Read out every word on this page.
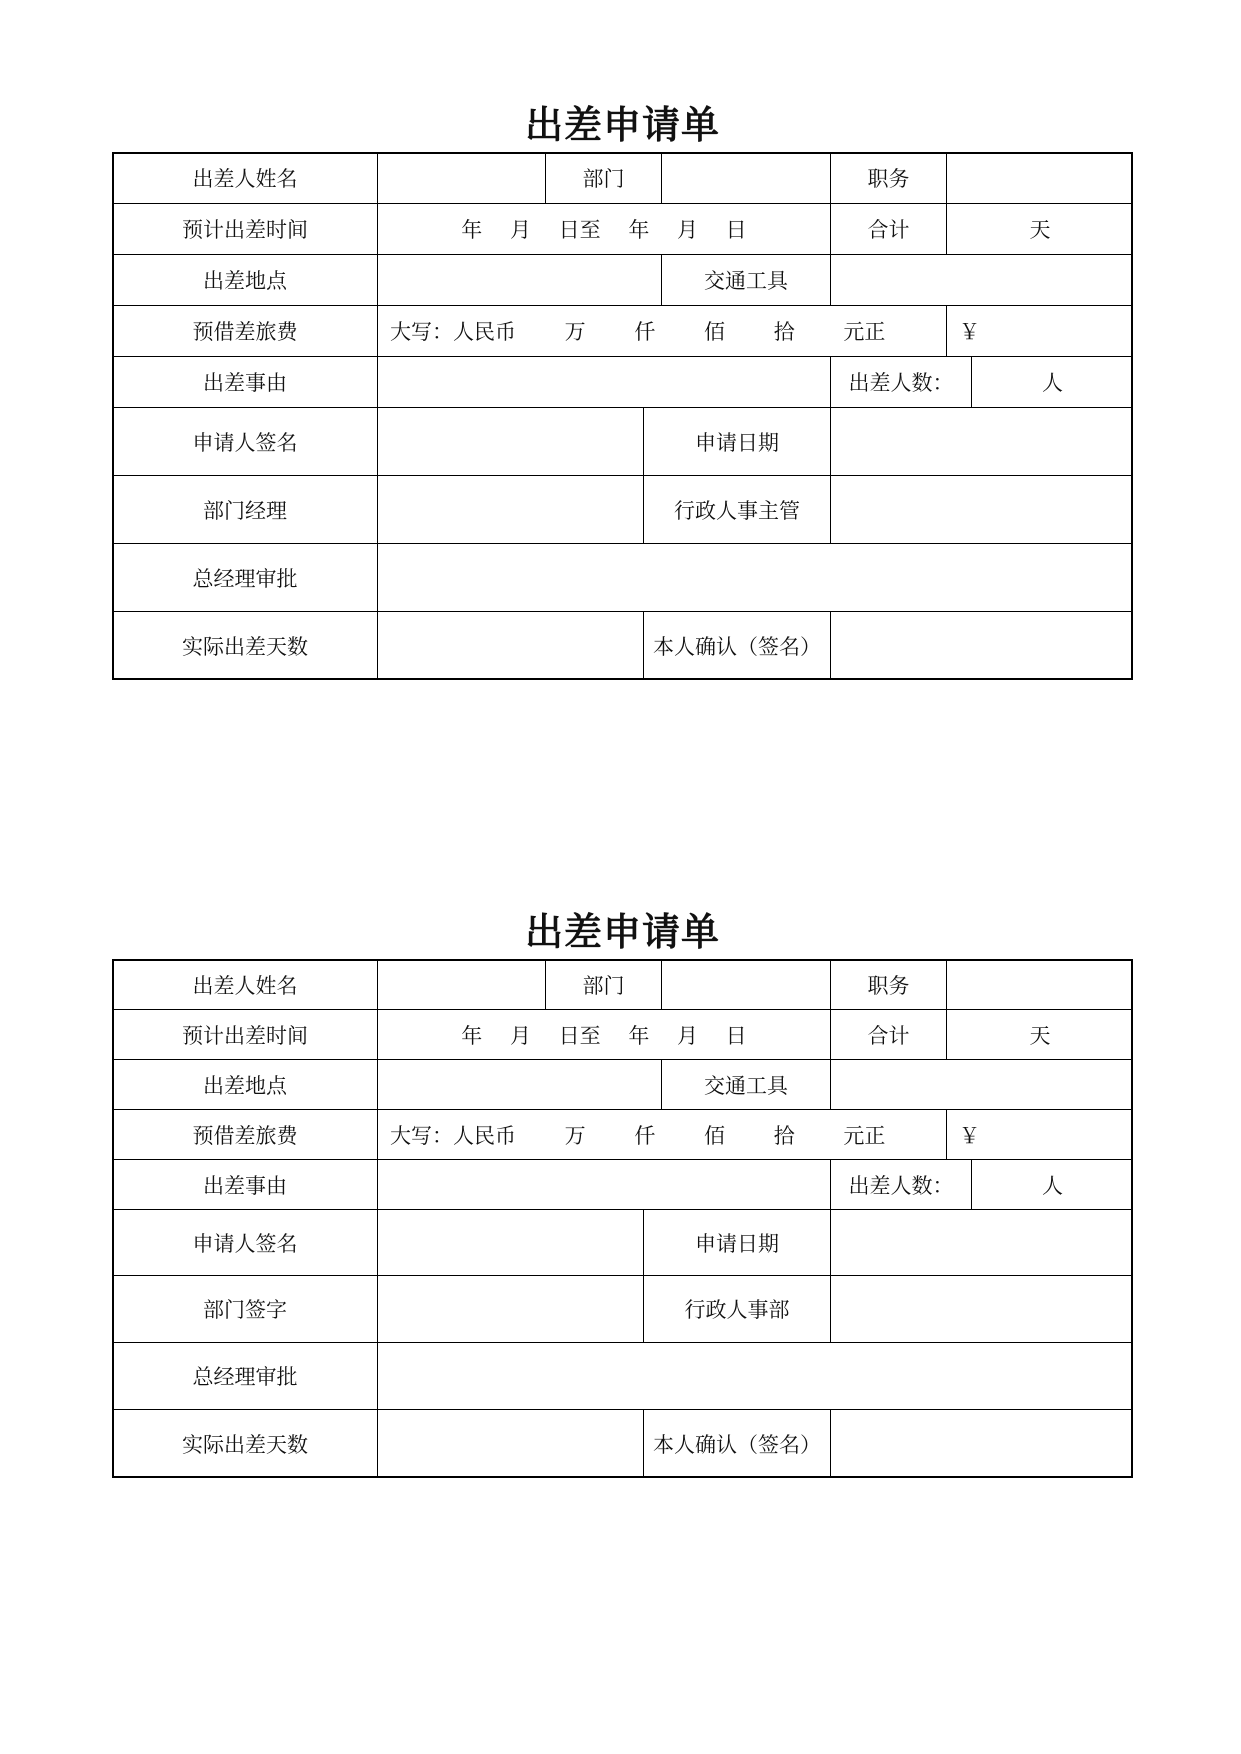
出差申请单
出差人姓名	部门	职务
预计出差时间	年　 月　 日至　 年　 月　 日	合计	天
出差地点	交通工具
预借差旅费	大写：人民币　　 万　　 仟　　 佰　　 拾　　 元正	￥
出差事由	出差人数：	人
申请人签名	申请日期
部门经理	行政人事主管
总经理审批
实际出差天数	本人确认（签名）
出差申请单
出差人姓名	部门	职务
预计出差时间	年　 月　 日至　 年　 月　 日	合计	天
出差地点	交通工具
预借差旅费	大写：人民币　　 万　　 仟　　 佰　　 拾　　 元正	￥
出差事由	出差人数：	人
申请人签名	申请日期
部门签字	行政人事部
总经理审批
实际出差天数	本人确认（签名）
